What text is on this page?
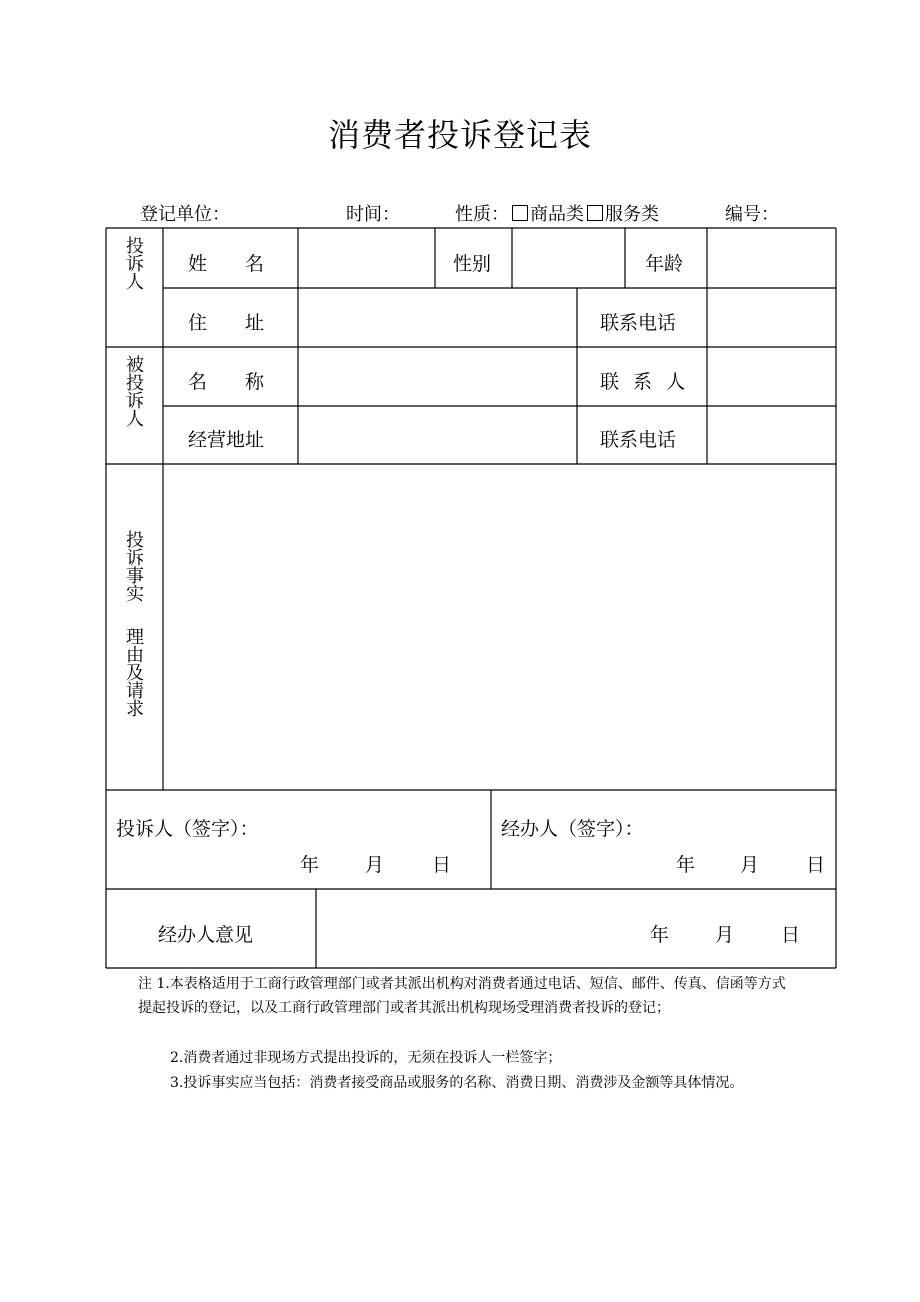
消费者投诉登记表
登记单位：	时间：	性质： 商品类 服务类	编号：
投诉人 姓　　名	性别	年龄
住　　址	联系电话
被投诉人 名　　称	联 系 人
经营地址	联系电话
投诉事实
理由及请求
投诉人（签字）：
年 月	日
经办人（签字）：
年 月 日
经办人意见	年 月 日
注 1.本表格适用于工商行政管理部门或者其派出机构对消费者通过电话、短信、邮件、传真、信函等方式提起投诉的登记，以及工商行政管理部门或者其派出机构现场受理消费者投诉的登记；
2.消费者通过非现场方式提出投诉的，无须在投诉人一栏签字；
3.投诉事实应当包括：消费者接受商品或服务的名称、消费日期、消费涉及金额等具体情况。
